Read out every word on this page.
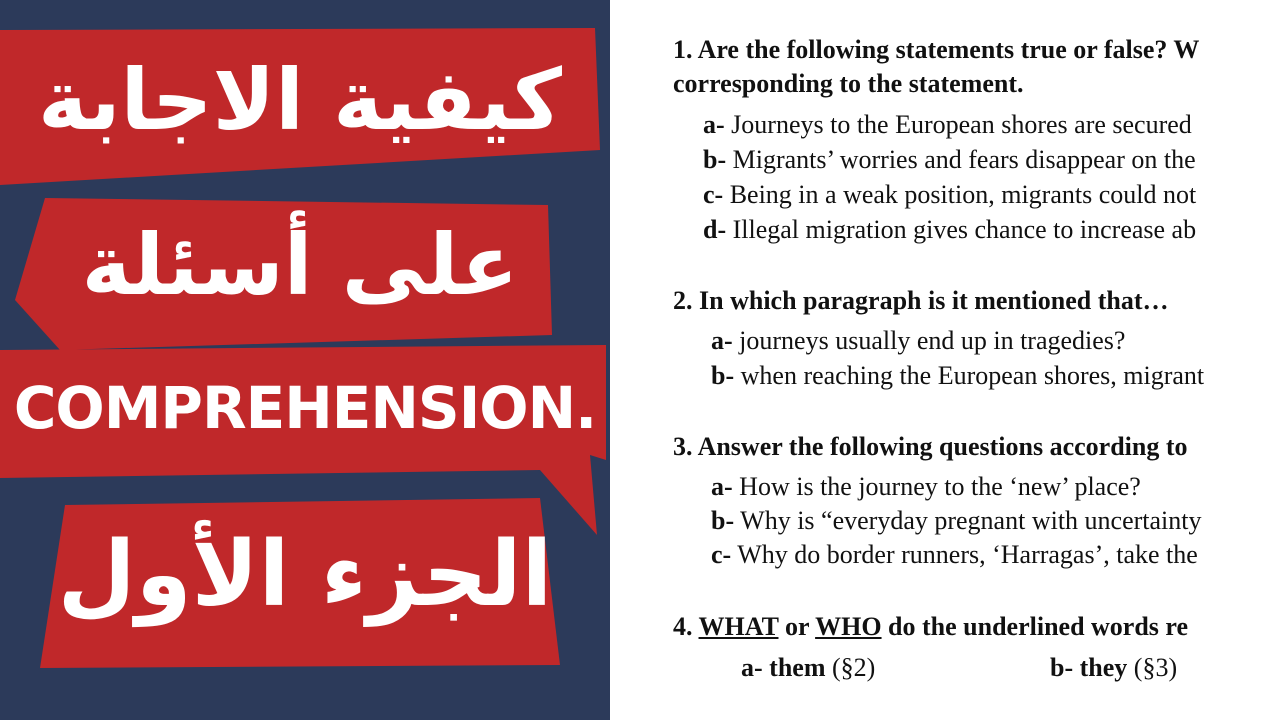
كيفية الاجابة
على أسئلة
COMPREHENSION.
الجزء الأول
1. Are the following statements true or false? W
corresponding to the statement.
a- Journeys to the European shores are secured
b- Migrants’ worries and fears disappear on the
c- Being in a weak position, migrants could not
d- Illegal migration gives chance to increase ab
2. In which paragraph is it mentioned that…
a- journeys usually end up in tragedies?
b- when reaching the European shores, migrant
3. Answer the following questions according to
a- How is the journey to the ‘new’ place?
b- Why is “everyday pregnant with uncertainty
c- Why do border runners, ‘Harragas’, take the
4. WHAT or WHO do the underlined words re
a- them (§2)	b- they (§3)
